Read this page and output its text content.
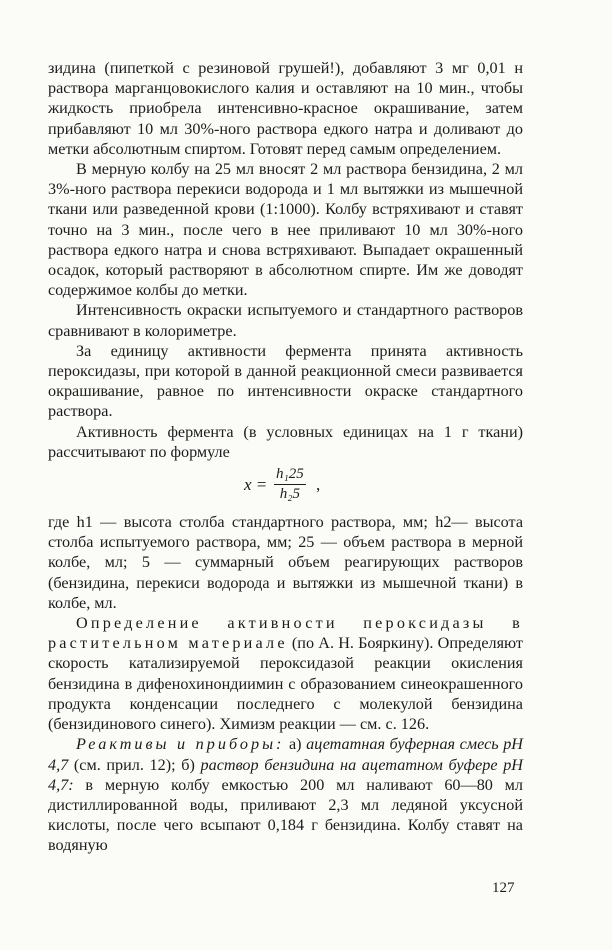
зидина (пипеткой с резиновой грушей!), добавляют 3 мг 0,01 н раствора марганцовокислого калия и оставляют на 10 мин., чтобы жидкость приобрела интенсивно-красное окрашивание, затем прибавляют 10 мл 30%-ного раствора едкого натра и доливают до метки абсолютным спиртом. Готовят перед самым определением.

В мерную колбу на 25 мл вносят 2 мл раствора бензидина, 2 мл 3%-ного раствора перекиси водорода и 1 мл вытяжки из мышечной ткани или разведенной крови (1:1000). Колбу встряхивают и ставят точно на 3 мин., после чего в нее приливают 10 мл 30%-ного раствора едкого натра и снова встряхивают. Выпадает окрашенный осадок, который растворяют в абсолютном спирте. Им же доводят содержимое колбы до метки.

Интенсивность окраски испытуемого и стандартного растворов сравнивают в колориметре.

За единицу активности фермента принята активность пероксидазы, при которой в данной реакционной смеси развивается окрашивание, равное по интенсивности окраске стандартного раствора.

Активность фермента (в условных единицах на 1 г ткани) рассчитывают по формуле

$x = \frac{\text{h₁25}}{\text{h₂5}}$ ,

где h1 — высота столба стандартного раствора, мм; h2— высота столба испытуемого раствора, мм; 25 — объем раствора в мерной колбе, мл; 5 — суммарный объем реагирующих растворов (бензидина, перекиси водорода и вытяжки из мышечной ткани) в колбе, мл.

Определение активности пероксидазы в растительном материале (по А. Н. Бояркину). Определяют скорость катализируемой пероксидазой реакции окисления бензидина в дифенохинондиимин с образованием синеокрашенного продукта конденсации последнего с молекулой бензидина (бензидинового синего). Химизм реакции — см. с. 126.

Реактивы и приборы: а) ацетатная буферная смесь pH 4,7 (см. прил. 12); б) раствор бензидина на ацетатном буфере pH 4,7: в мерную колбу емкостью 200 мл наливают 60—80 мл дистиллированной воды, приливают 2,3 мл ледяной уксусной кислоты, после чего всыпают 0,184 г бензидина. Колбу ставят на водяную

127
